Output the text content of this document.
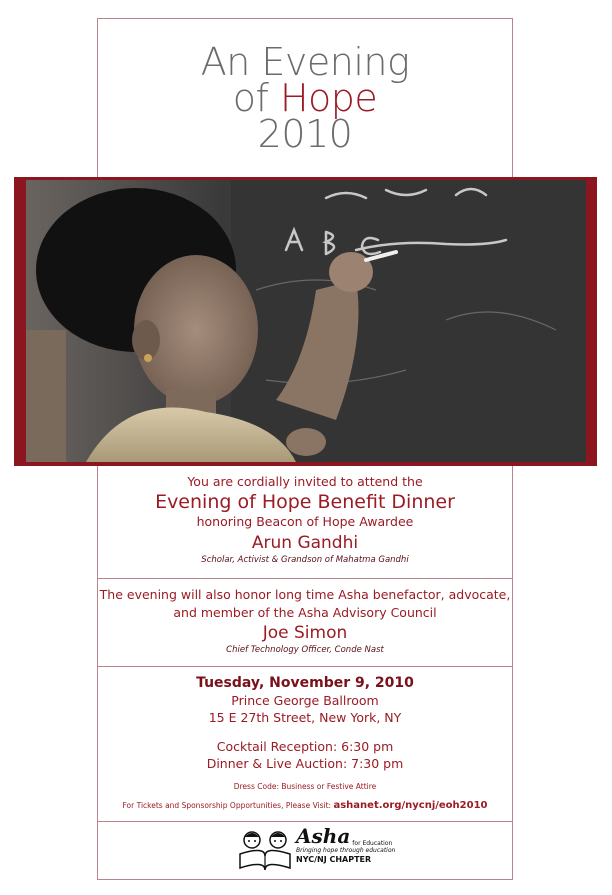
An Evening
of Hope
2010
You are cordially invited to attend the
Evening of Hope Benefit Dinner
honoring Beacon of Hope Awardee
Arun Gandhi
Scholar, Activist & Grandson of Mahatma Gandhi
The evening will also honor long time Asha benefactor, advocate,
and member of the Asha Advisory Council
Joe Simon
Chief Technology Officer, Conde Nast
Tuesday, November 9, 2010
Prince George Ballroom
15 E 27th Street, New York, NY
Cocktail Reception: 6:30 pm
Dinner & Live Auction: 7:30 pm
Dress Code: Business or Festive Attire
For Tickets and Sponsorship Opportunities, Please Visit: ashanet.org/nycnj/eoh2010
Asha for Education
Bringing hope through education
NYC/NJ CHAPTER
